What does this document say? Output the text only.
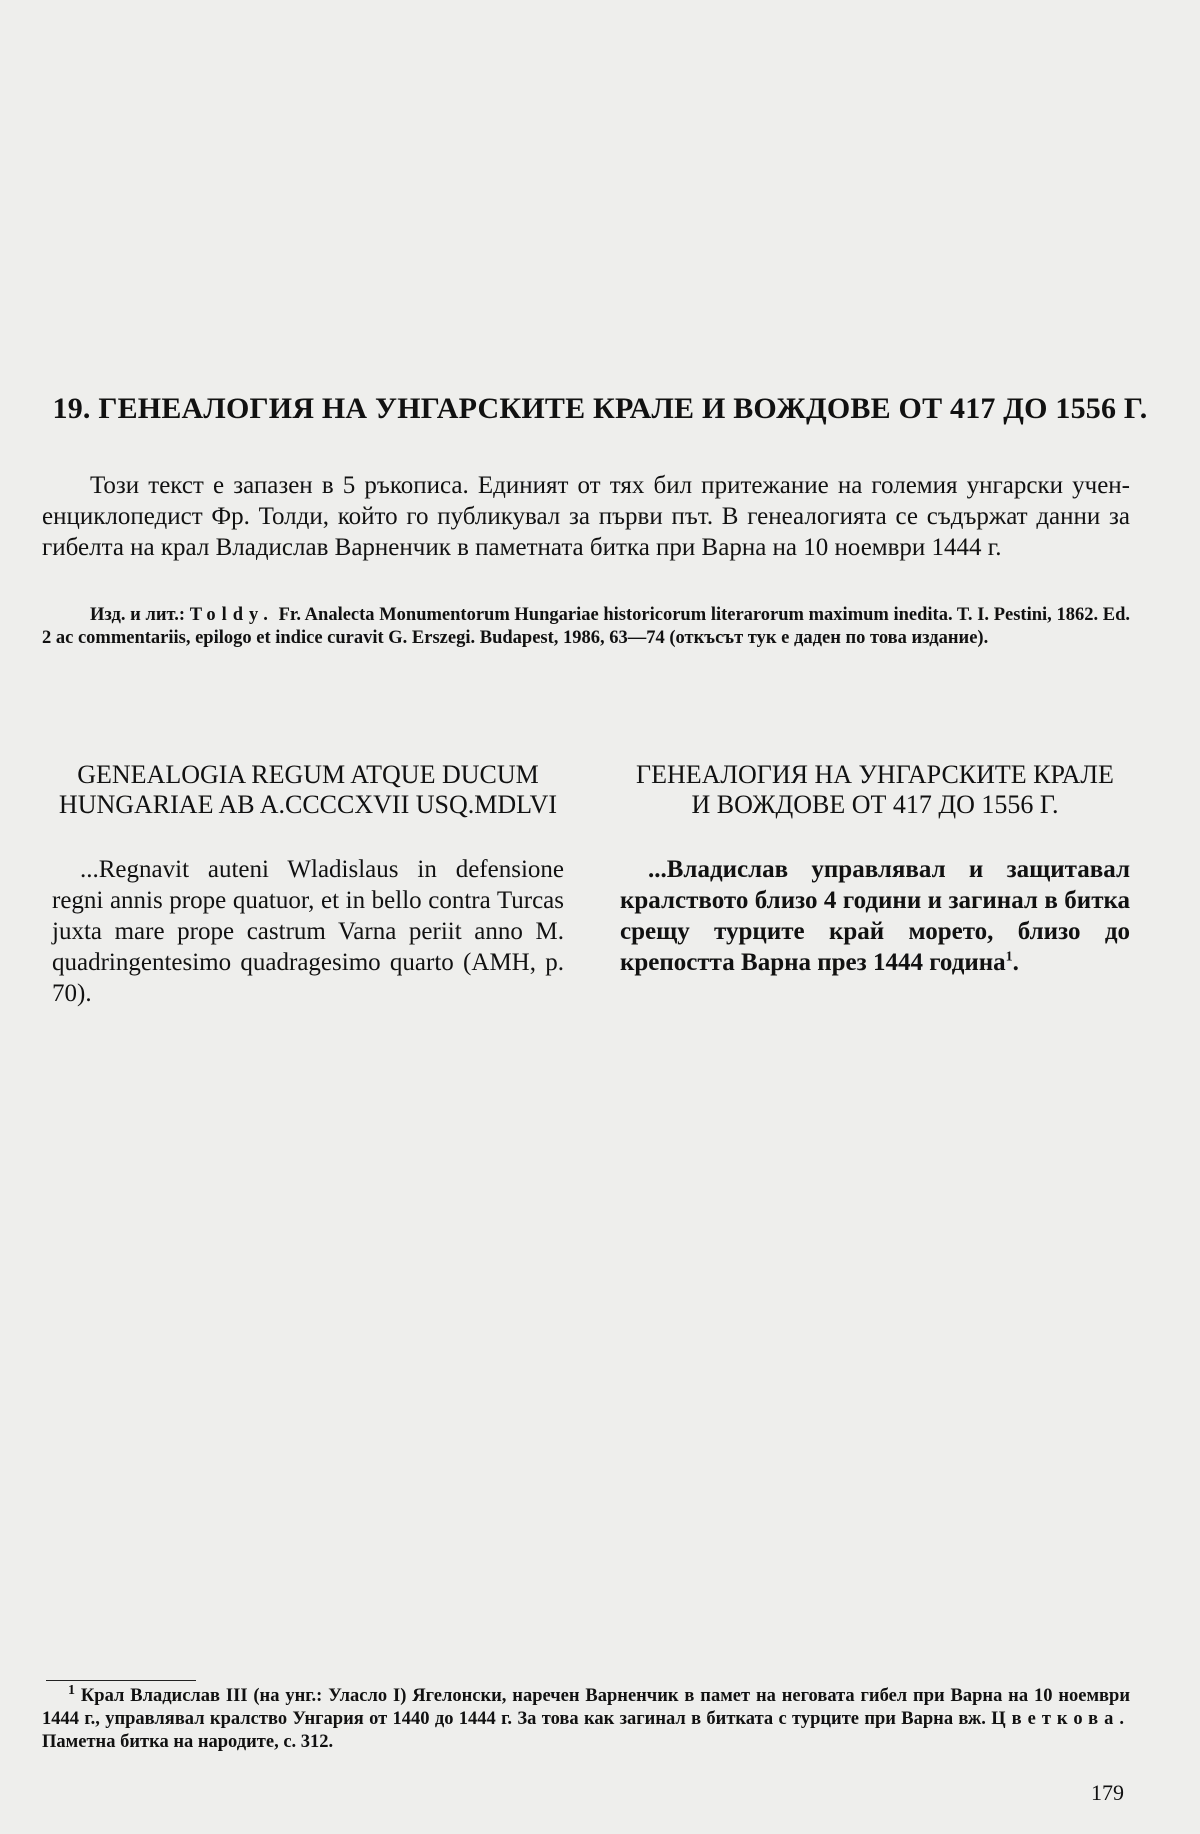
19. ГЕНЕАЛОГИЯ НА УНГАРСКИТЕ КРАЛЕ И ВОЖДОВЕ ОТ 417 ДО 1556 Г.
Този текст е запазен в 5 ръкописа. Единият от тях бил притежание на големия унгарски учен-енциклопедист Фр. Толди, който го публикувал за първи път. В генеалогията се съдържат данни за гибелта на крал Владислав Варненчик в паметната битка при Варна на 10 ноември 1444 г.
Изд. и лит.: Toldy. Fr. Analecta Monumentorum Hungariae historicorum literarorum maximum inedita. T. I. Pestini, 1862. Ed. 2 ac commentariis, epilogo et indice curavit G. Erszegi. Budapest, 1986, 63—74 (откъсът тук е даден по това издание).
GENEALOGIA REGUM ATQUE DUCUM
HUNGARIAE AB A.CCCCXVII USQ.MDLVI
...Regnavit auteni Wladislaus in defensione regni annis prope quatuor, et in bello contra Turcas juxta mare prope castrum Varna periit anno M. quadringentesimo quadragesimo quarto (AMH, p. 70).
ГЕНЕАЛОГИЯ НА УНГАРСКИТЕ КРАЛЕ
И ВОЖДОВЕ ОТ 417 ДО 1556 Г.
...Владислав управлявал и защитавал кралството близо 4 години и загинал в битка срещу турците край морето, близо до крепостта Варна през 1444 година$^1$.
$^1$ Крал Владислав III (на унг.: Уласло I) Ягелонски, наречен Варненчик в памет на неговата гибел при Варна на 10 ноември 1444 г., управлявал кралство Унгария от 1440 до 1444 г. За това как загинал в битката с турците при Варна вж. Цветкова. Паметна битка на народите, с. 312.
179
